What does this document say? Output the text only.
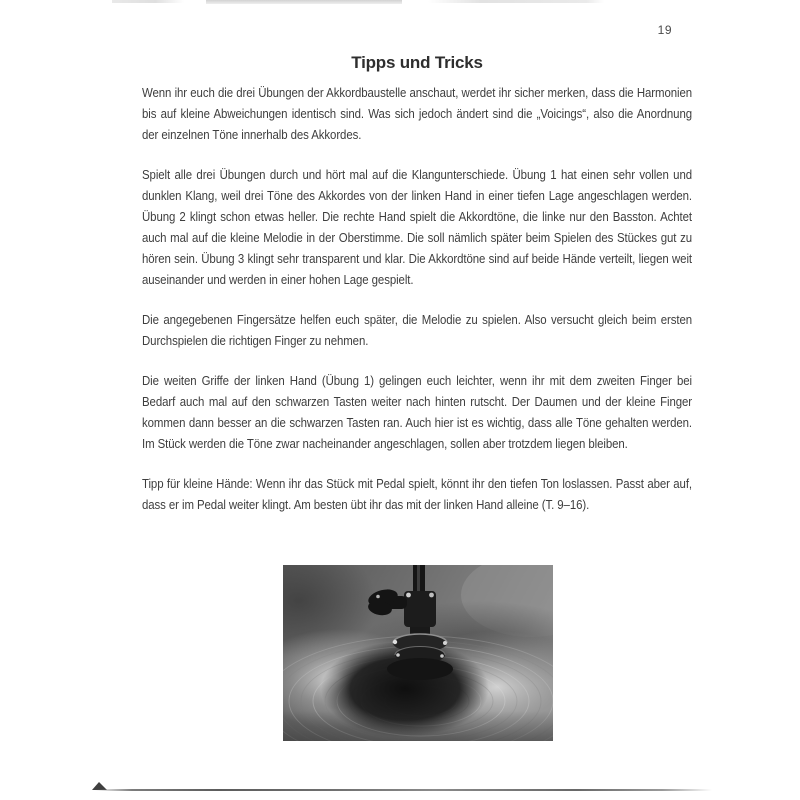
19
Tipps und Tricks

Wenn ihr euch die drei Übungen der Akkordbaustelle anschaut, werdet ihr sicher merken, dass die Harmonien bis auf kleine Abweichungen identisch sind. Was sich jedoch ändert sind die „Voicings“, also die Anordnung der einzelnen Töne innerhalb des Akkordes.

Spielt alle drei Übungen durch und hört mal auf die Klangunterschiede. Übung 1 hat einen sehr vollen und dunklen Klang, weil drei Töne des Akkordes von der linken Hand in einer tiefen Lage angeschlagen werden. Übung 2 klingt schon etwas heller. Die rechte Hand spielt die Akkordtöne, die linke nur den Basston. Achtet auch mal auf die kleine Melodie in der Oberstimme. Die soll nämlich später beim Spielen des Stückes gut zu hören sein. Übung 3 klingt sehr transparent und klar. Die Akkordtöne sind auf beide Hände verteilt, liegen weit auseinander und werden in einer hohen Lage gespielt.

Die angegebenen Fingersätze helfen euch später, die Melodie zu spielen. Also versucht gleich beim ersten Durchspielen die richtigen Finger zu nehmen.

Die weiten Griffe der linken Hand (Übung 1) gelingen euch leichter, wenn ihr mit dem zweiten Finger bei Bedarf auch mal auf den schwarzen Tasten weiter nach hinten rutscht. Der Daumen und der kleine Finger kommen dann besser an die schwarzen Tasten ran. Auch hier ist es wichtig, dass alle Töne gehalten werden. Im Stück werden die Töne zwar nacheinander angeschlagen, sollen aber trotzdem liegen bleiben.

Tipp für kleine Hände: Wenn ihr das Stück mit Pedal spielt, könnt ihr den tiefen Ton loslassen. Passt aber auf, dass er im Pedal weiter klingt. Am besten übt ihr das mit der linken Hand alleine (T. 9–16).
